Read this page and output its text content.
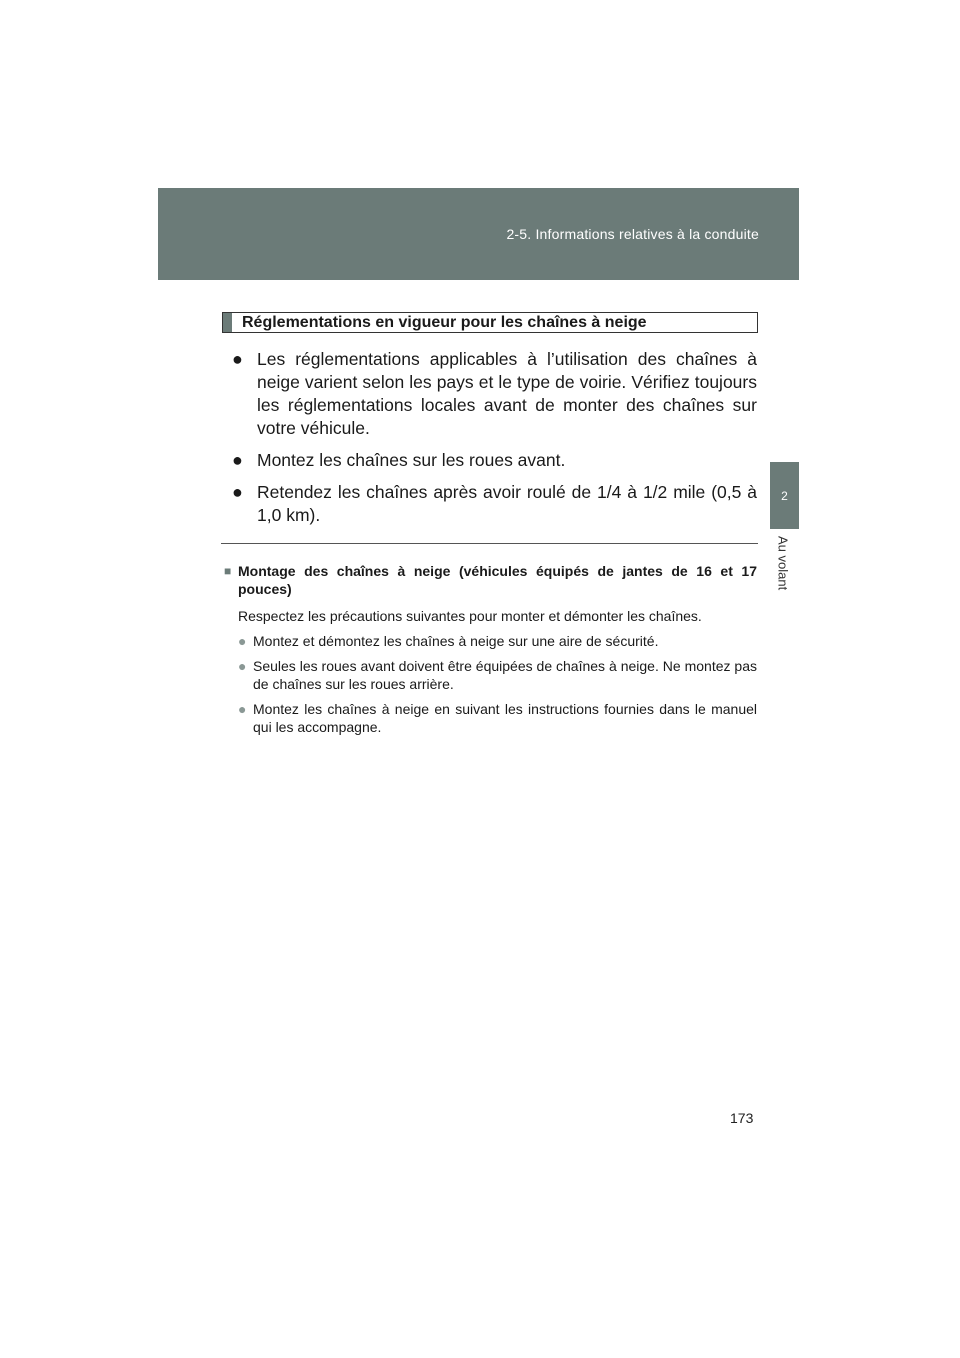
2-5. Informations relatives à la conduite
2
Au volant
Réglementations en vigueur pour les chaînes à neige
● Les réglementations applicables à l’utilisation des chaînes à neige varient selon les pays et le type de voirie. Vérifiez toujours les réglementations locales avant de monter des chaînes sur votre véhicule.
● Montez les chaînes sur les roues avant.
● Retendez les chaînes après avoir roulé de 1/4 à 1/2 mile (0,5 à 1,0 km).
■ Montage des chaînes à neige (véhicules équipés de jantes de 16 et 17 pouces)
Respectez les précautions suivantes pour monter et démonter les chaînes.
● Montez et démontez les chaînes à neige sur une aire de sécurité.
● Seules les roues avant doivent être équipées de chaînes à neige. Ne montez pas de chaînes sur les roues arrière.
● Montez les chaînes à neige en suivant les instructions fournies dans le manuel qui les accompagne.
173
